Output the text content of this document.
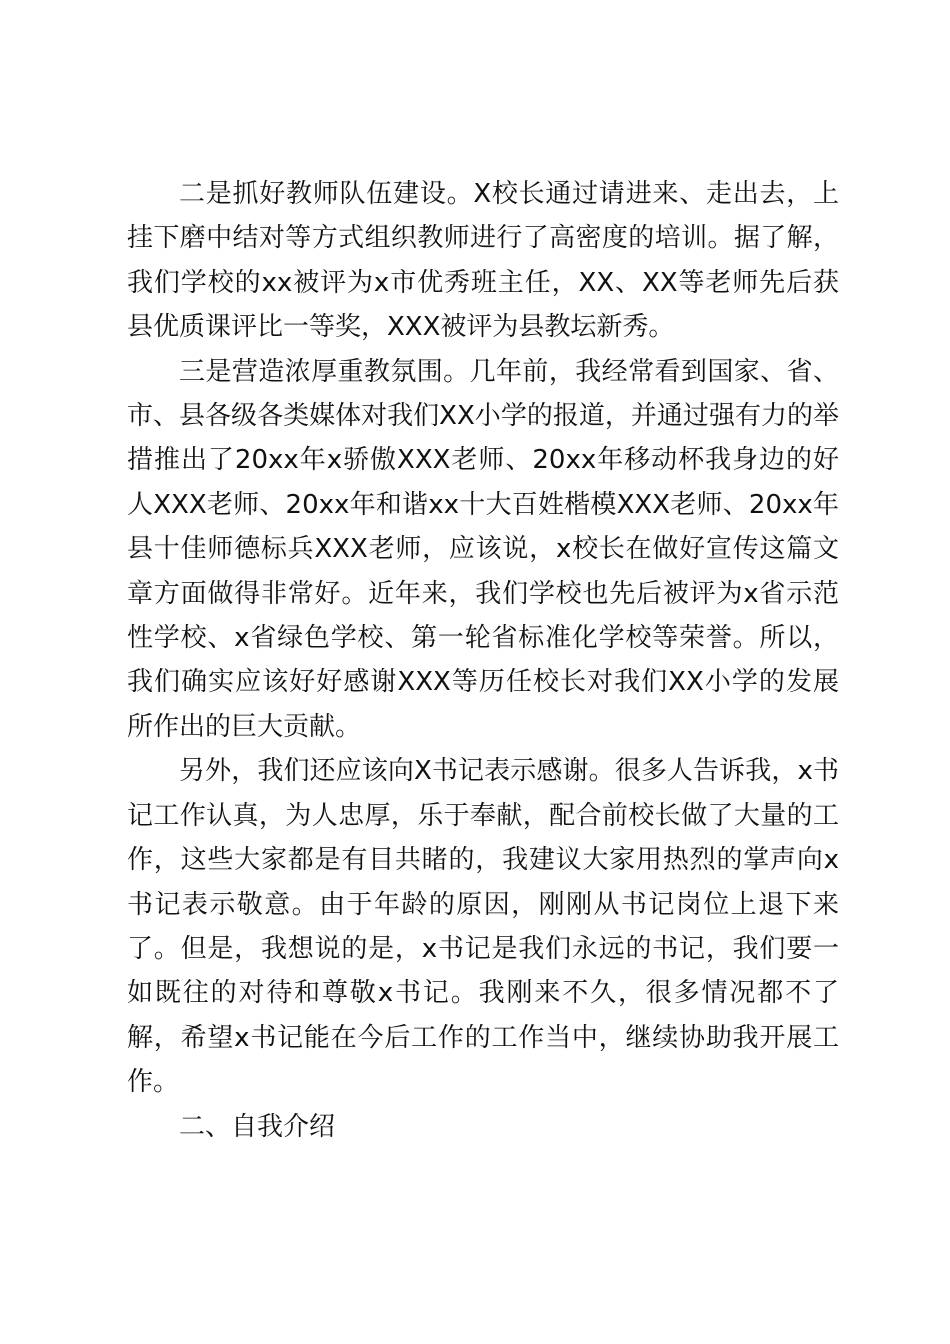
二是抓好教师队伍建设。X校长通过请进来、走出去，上挂下磨中结对等方式组织教师进行了高密度的培训。据了解，我们学校的xx被评为x市优秀班主任，XX、XX等老师先后获县优质课评比一等奖，XXX被评为县教坛新秀。

三是营造浓厚重教氛围。几年前，我经常看到国家、省、市、县各级各类媒体对我们XX小学的报道，并通过强有力的举措推出了20xx年x骄傲XXX老师、20xx年移动杯我身边的好人XXX老师、20xx年和谐xx十大百姓楷模XXX老师、20xx年县十佳师德标兵XXX老师，应该说，x校长在做好宣传这篇文章方面做得非常好。近年来，我们学校也先后被评为x省示范性学校、x省绿色学校、第一轮省标准化学校等荣誉。所以，我们确实应该好好感谢XXX等历任校长对我们XX小学的发展所作出的巨大贡献。

另外，我们还应该向X书记表示感谢。很多人告诉我，x书记工作认真，为人忠厚，乐于奉献，配合前校长做了大量的工作，这些大家都是有目共睹的，我建议大家用热烈的掌声向x书记表示敬意。由于年龄的原因，刚刚从书记岗位上退下来了。但是，我想说的是，x书记是我们永远的书记，我们要一如既往的对待和尊敬x书记。我刚来不久，很多情况都不了解，希望x书记能在今后工作的工作当中，继续协助我开展工作。

二、自我介绍
